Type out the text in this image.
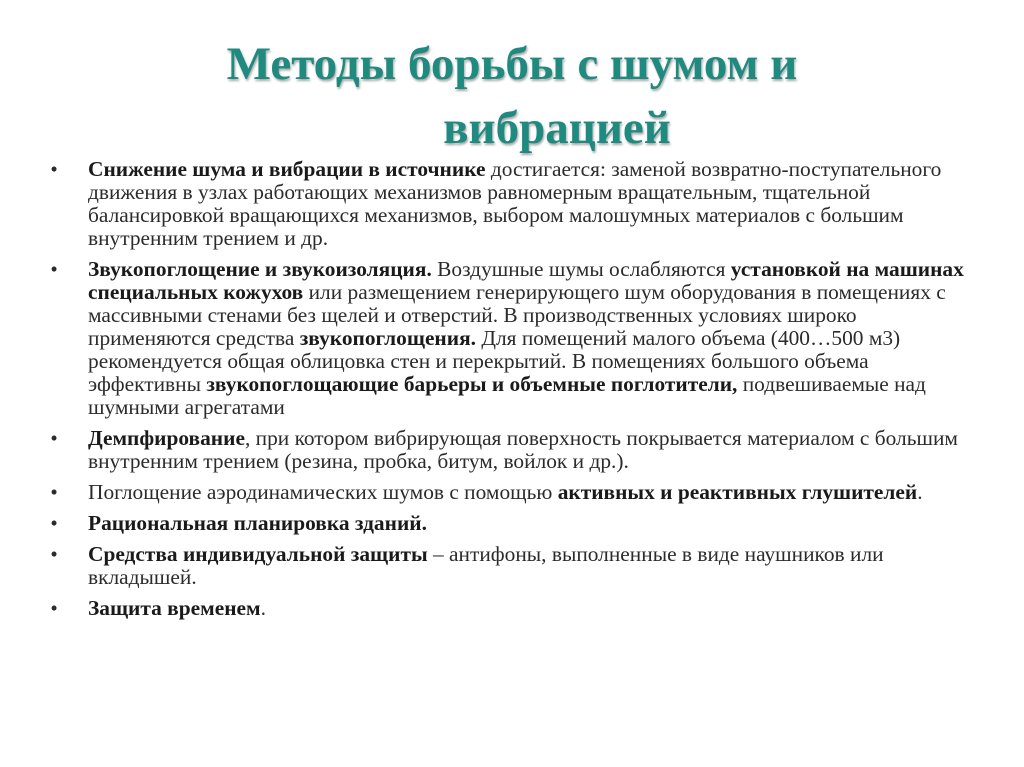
Методы борьбы с шумом и
вибрацией
• Снижение шума и вибрации в источнике достигается: заменой возвратно-поступательного движения в узлах работающих механизмов равномерным вращательным, тщательной балансировкой вращающихся механизмов, выбором малошумных материалов с большим внутренним трением и др.
• Звукопоглощение и звукоизоляция. Воздушные шумы ослабляются установкой на машинах специальных кожухов или размещением генерирующего шум оборудования в помещениях с массивными стенами без щелей и отверстий. В производственных условиях широко применяются средства звукопоглощения. Для помещений малого объема (400…500 м3) рекомендуется общая облицовка стен и перекрытий. В помещениях большого объема эффективны звукопоглощающие барьеры и объемные поглотители, подвешиваемые над шумными агрегатами
• Демпфирование, при котором вибрирующая поверхность покрывается материалом с большим внутренним трением (резина, пробка, битум, войлок и др.).
• Поглощение аэродинамических шумов с помощью активных и реактивных глушителей.
• Рациональная планировка зданий.
• Средства индивидуальной защиты – антифоны, выполненные в виде наушников или вкладышей.
• Защита временем.
